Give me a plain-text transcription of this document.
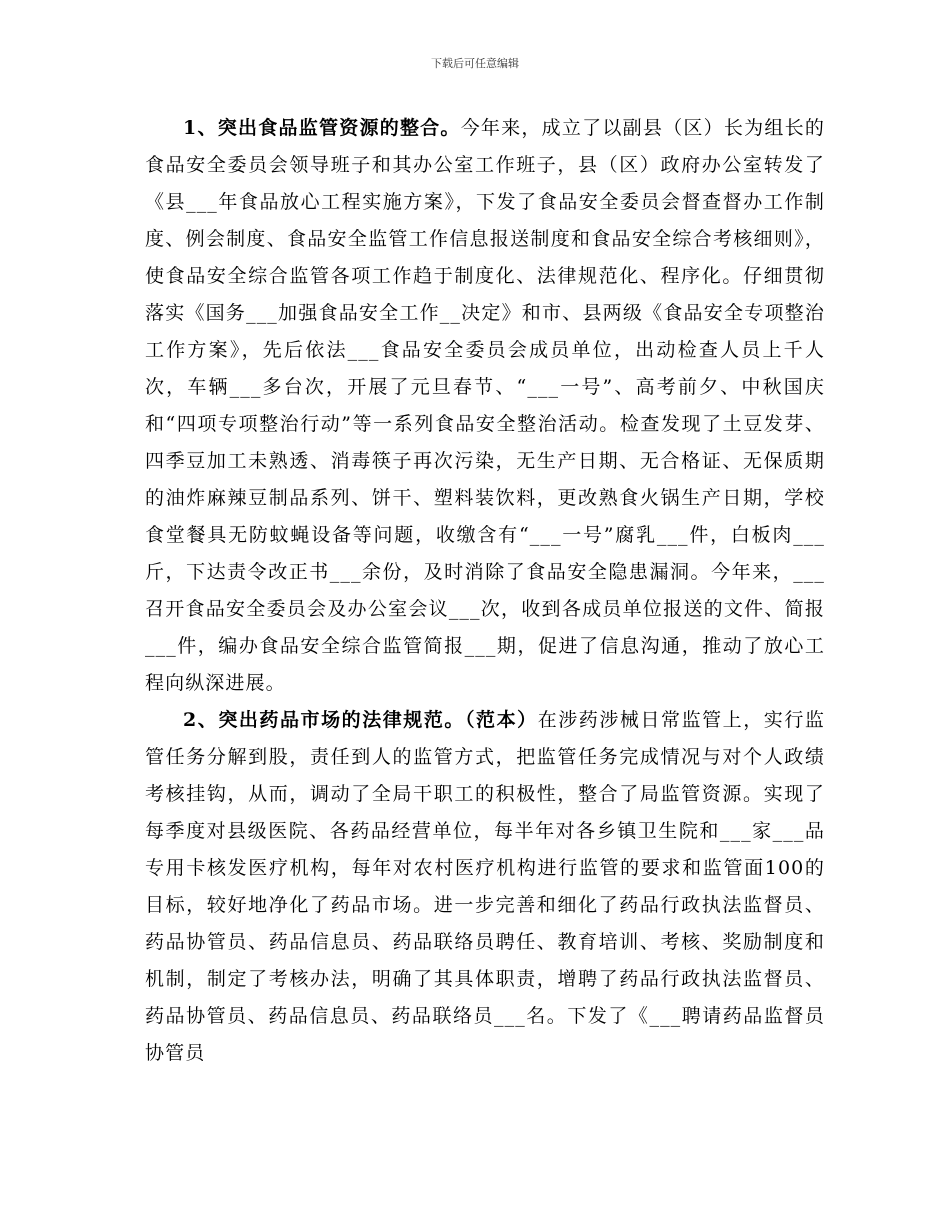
下载后可任意编辑

1、突出食品监管资源的整合。今年来，成立了以副县（区）长为组长的食品安全委员会领导班子和其办公室工作班子，县（区）政府办公室转发了《县___年食品放心工程实施方案》，下发了食品安全委员会督查督办工作制度、例会制度、食品安全监管工作信息报送制度和食品安全综合考核细则》，使食品安全综合监管各项工作趋于制度化、法律规范化、程序化。仔细贯彻落实《国务___加强食品安全工作__决定》和市、县两级《食品安全专项整治工作方案》，先后依法___食品安全委员会成员单位，出动检查人员上千人次，车辆___多台次，开展了元旦春节、“___一号”、高考前夕、中秋国庆和“四项专项整治行动”等一系列食品安全整治活动。检查发现了土豆发芽、四季豆加工未熟透、消毒筷子再次污染，无生产日期、无合格证、无保质期的油炸麻辣豆制品系列、饼干、塑料装饮料，更改熟食火锅生产日期，学校食堂餐具无防蚊蝇设备等问题，收缴含有“___一号”腐乳___件，白板肉___斤，下达责令改正书___余份，及时消除了食品安全隐患漏洞。今年来，___召开食品安全委员会及办公室会议___次，收到各成员单位报送的文件、简报___件，编办食品安全综合监管简报___期，促进了信息沟通，推动了放心工程向纵深进展。

2、突出药品市场的法律规范。（范本）在涉药涉械日常监管上，实行监管任务分解到股，责任到人的监管方式，把监管任务完成情况与对个人政绩考核挂钩，从而，调动了全局干职工的积极性，整合了局监管资源。实现了每季度对县级医院、各药品经营单位，每半年对各乡镇卫生院和___家___品专用卡核发医疗机构，每年对农村医疗机构进行监管的要求和监管面100的目标，较好地净化了药品市场。进一步完善和细化了药品行政执法监督员、药品协管员、药品信息员、药品联络员聘任、教育培训、考核、奖励制度和机制，制定了考核办法，明确了其具体职责，增聘了药品行政执法监督员、药品协管员、药品信息员、药品联络员___名。下发了《___聘请药品监督员协管员
